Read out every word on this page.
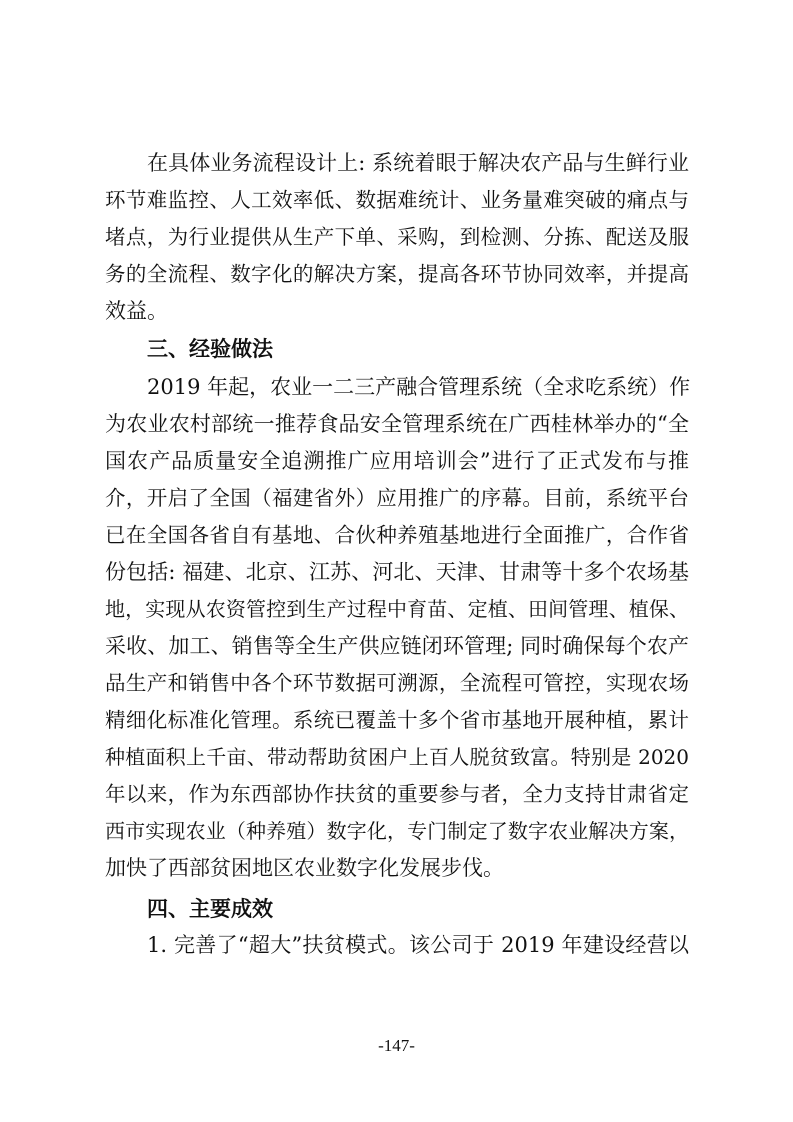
在具体业务流程设计上: 系统着眼于解决农产品与生鲜行业
环节难监控、人工效率低、数据难统计、业务量难突破的痛点与
堵点，为行业提供从生产下单、采购，到检测、分拣、配送及服
务的全流程、数字化的解决方案，提高各环节协同效率，并提高
效益。
三、经验做法
2019 年起，农业一二三产融合管理系统（全求吃系统）作
为农业农村部统一推荐食品安全管理系统在广西桂林举办的“全
国农产品质量安全追溯推广应用培训会”进行了正式发布与推
介，开启了全国（福建省外）应用推广的序幕。目前，系统平台
已在全国各省自有基地、合伙种养殖基地进行全面推广，合作省
份包括: 福建、北京、江苏、河北、天津、甘肃等十多个农场基
地，实现从农资管控到生产过程中育苗、定植、田间管理、植保、
采收、加工、销售等全生产供应链闭环管理; 同时确保每个农产
品生产和销售中各个环节数据可溯源，全流程可管控，实现农场
精细化标准化管理。系统已覆盖十多个省市基地开展种植，累计
种植面积上千亩、带动帮助贫困户上百人脱贫致富。特别是 2020
年以来，作为东西部协作扶贫的重要参与者，全力支持甘肃省定
西市实现农业（种养殖）数字化，专门制定了数字农业解决方案，
加快了西部贫困地区农业数字化发展步伐。
四、主要成效
1. 完善了“超大”扶贫模式。该公司于 2019 年建设经营以
-147-
